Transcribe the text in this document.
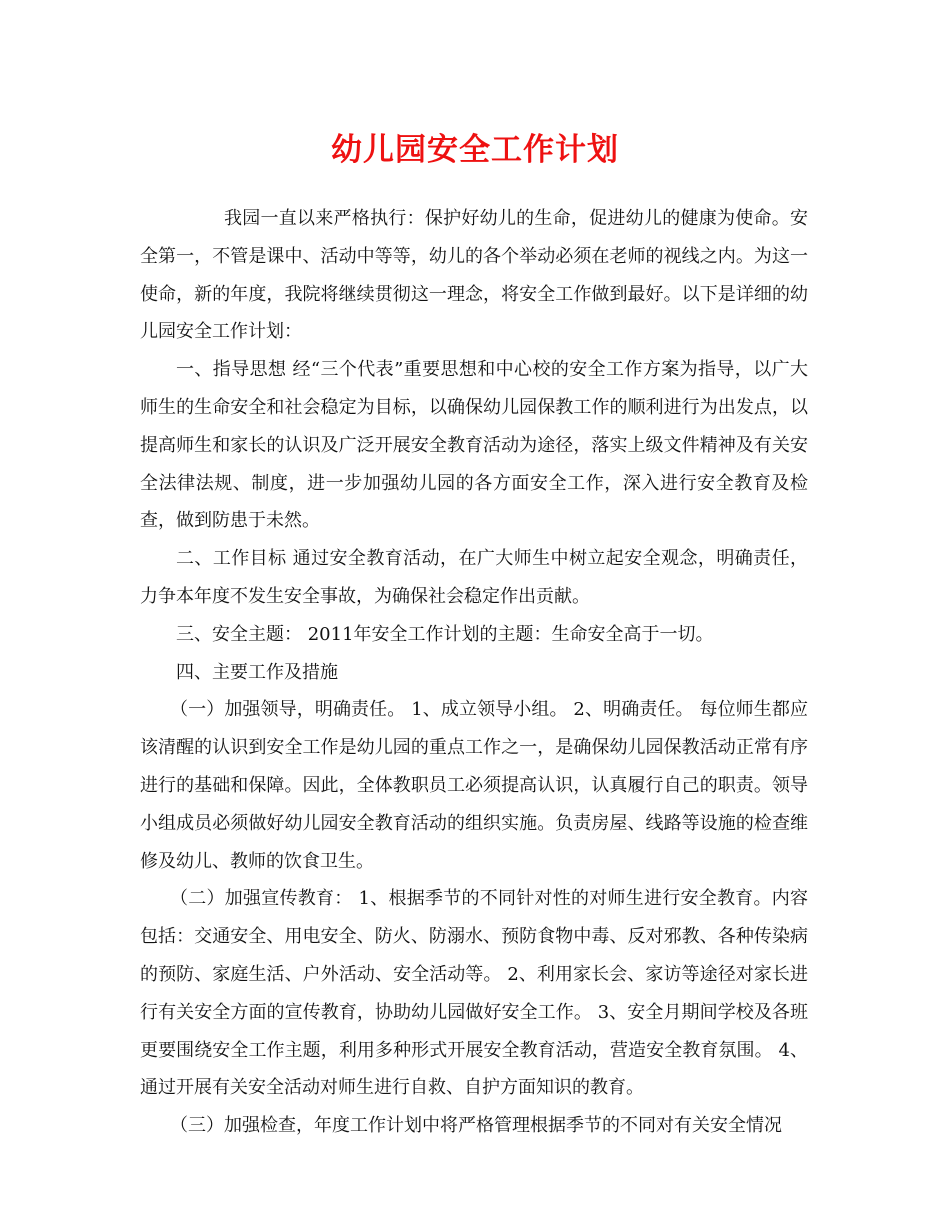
幼儿园安全工作计划

我园一直以来严格执行：保护好幼儿的生命，促进幼儿的健康为使命。安全第一，不管是课中、活动中等等，幼儿的各个举动必须在老师的视线之内。为这一使命，新的年度，我院将继续贯彻这一理念，将安全工作做到最好。以下是详细的幼儿园安全工作计划：

一、指导思想 经“三个代表”重要思想和中心校的安全工作方案为指导，以广大师生的生命安全和社会稳定为目标，以确保幼儿园保教工作的顺利进行为出发点，以提高师生和家长的认识及广泛开展安全教育活动为途径，落实上级文件精神及有关安全法律法规、制度，进一步加强幼儿园的各方面安全工作，深入进行安全教育及检查，做到防患于未然。

二、工作目标 通过安全教育活动，在广大师生中树立起安全观念，明确责任，力争本年度不发生安全事故，为确保社会稳定作出贡献。

三、安全主题： 2011年安全工作计划的主题：生命安全高于一切。

四、主要工作及措施

（一）加强领导，明确责任。 1、成立领导小组。 2、明确责任。 每位师生都应该清醒的认识到安全工作是幼儿园的重点工作之一，是确保幼儿园保教活动正常有序进行的基础和保障。因此，全体教职员工必须提高认识，认真履行自己的职责。领导小组成员必须做好幼儿园安全教育活动的组织实施。负责房屋、线路等设施的检查维修及幼儿、教师的饮食卫生。

（二）加强宣传教育： 1、根据季节的不同针对性的对师生进行安全教育。内容包括：交通安全、用电安全、防火、防溺水、预防食物中毒、反对邪教、各种传染病的预防、家庭生活、户外活动、安全活动等。 2、利用家长会、家访等途径对家长进行有关安全方面的宣传教育，协助幼儿园做好安全工作。 3、安全月期间学校及各班更要围绕安全工作主题，利用多种形式开展安全教育活动，营造安全教育氛围。 4、通过开展有关安全活动对师生进行自救、自护方面知识的教育。

（三）加强检查，年度工作计划中将严格管理根据季节的不同对有关安全情况
